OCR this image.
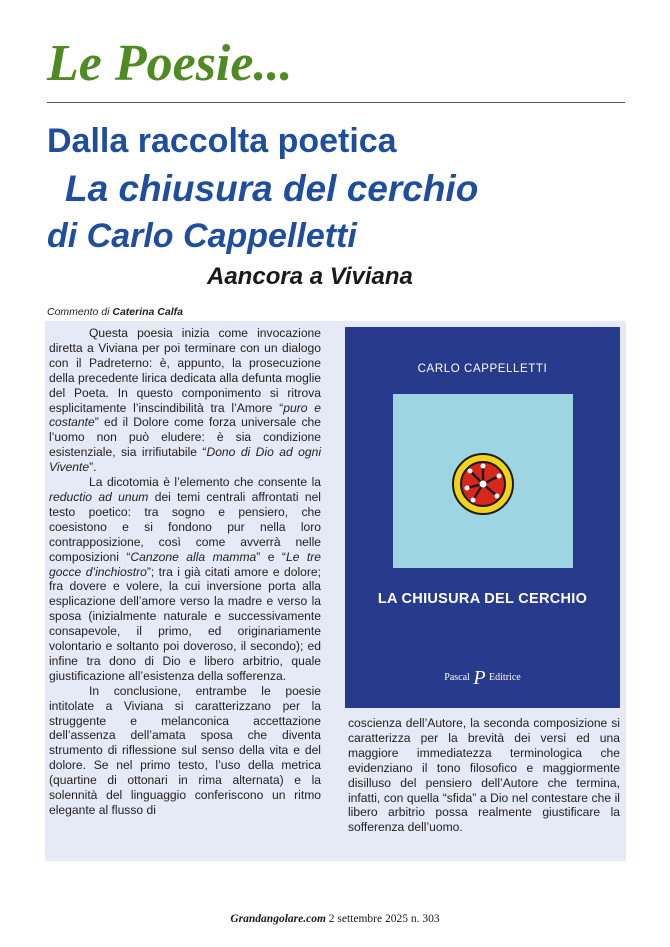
Le Poesie...
Dalla raccolta poetica
La chiusura del cerchio
di Carlo Cappelletti
Aancora a Viviana
Commento di Caterina Calfa

Questa poesia inizia come invocazione diretta a Viviana per poi terminare con un dialogo con il Padreterno: è, appunto, la prosecuzione della precedente lirica dedicata alla defunta moglie del Poeta. In questo componimento si ritrova esplicitamente l’inscindibilità tra l’Amore “puro e costante” ed il Dolore come forza universale che l’uomo non può eludere: è sia condizione esistenziale, sia irrifiutabile “Dono di Dio ad ogni Vivente”.

La dicotomia è l’elemento che consente la reductio ad unum dei temi centrali affrontati nel testo poetico: tra sogno e pensiero, che coesistono e si fondono pur nella loro contrapposizione, così come avverrà nelle composizioni “Canzone alla mamma” e “Le tre gocce d’inchiostro”; tra i già citati amore e dolore; fra dovere e volere, la cui inversione porta alla esplicazione dell’amore verso la madre e verso la sposa (inizialmente naturale e successivamente consapevole, il primo, ed originariamente volontario e soltanto poi doveroso, il secondo); ed infine tra dono di Dio e libero arbitrio, quale giustificazione all’esistenza della sofferenza.

In conclusione, entrambe le poesie intitolate a Viviana si caratterizzano per la struggente e melanconica accettazione dell’assenza dell’amata sposa che diventa strumento di riflessione sul senso della vita e del dolore. Se nel primo testo, l’uso della metrica (quartine di ottonari in rima alternata) e la solennità del linguaggio conferiscono un ritmo elegante al flusso di

CARLO CAPPELLETTI
LA CHIUSURA DEL CERCHIO
Pascal P Editrice

coscienza dell’Autore, la seconda composizione si caratterizza per la brevità dei versi ed una maggiore immediatezza terminologica che evidenziano il tono filosofico e maggiormente disilluso del pensiero dell’Autore che termina, infatti, con quella “sfida” a Dio nel contestare che il libero arbitrio possa realmente giustificare la sofferenza dell’uomo.

Grandangolare.com 2 settembre 2025 n. 303
